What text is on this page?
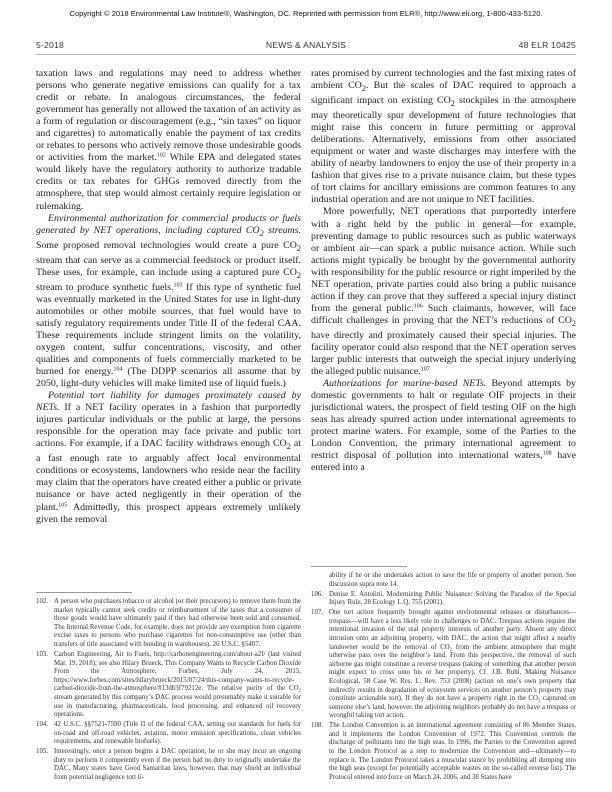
Copyright © 2018 Environmental Law Institute®, Washington, DC. Reprinted with permission from ELR®, http://www.eli.org, 1-800-433-5120.
5-2018	NEWS & ANALYSIS	48 ELR 10425

taxation laws and regulations may need to address whether persons who generate negative emissions can qualify for a tax credit or rebate. In analogous circumstances, the federal government has generally not allowed the taxation of an activity as a form of regulation or discouragement (e.g., “sin taxes” on liquor and cigarettes) to automatically enable the payment of tax credits or rebates to persons who actively remove those undesirable goods or activities from the market.$^{102}$ While EPA and delegated states would likely have the regulatory authority to authorize tradable credits or tax rebates for GHGs removed directly from the atmosphere, that step would almost certainly require legislation or rulemaking.

Environmental authorization for commercial products or fuels generated by NET operations, including captured $CO_2$ streams. Some proposed removal technologies would create a pure $CO_2$ stream that can serve as a commercial feedstock or product itself. These uses, for example, can include using a captured pure $CO_2$ stream to produce synthetic fuels.$^{103}$ If this type of synthetic fuel was eventually marketed in the United States for use in light-duty automobiles or other mobile sources, that fuel would have to satisfy regulatory requirements under Title II of the federal CAA. These requirements include stringent limits on the volatility, oxygen content, sulfur concentrations, viscosity, and other qualities and components of fuels commercially marketed to be burned for energy.$^{104}$ (The DDPP scenarios all assume that by 2050, light-duty vehicles will make limited use of liquid fuels.)

Potential tort liability for damages proximately caused by NETs. If a NET facility operates in a fashion that purportedly injures particular individuals or the public at large, the persons responsible for the operation may face private and public tort actions. For example, if a DAC facility withdraws enough $CO_2$ at a fast enough rate to arguably affect local environmental conditions or ecosystems, landowners who reside near the facility may claim that the operators have created either a public or private nuisance or have acted negligently in their operation of the plant.$^{105}$ Admittedly, this prospect appears extremely unlikely given the removal

rates promised by current technologies and the fast mixing rates of ambient $CO_2$. But the scales of DAC required to approach a significant impact on existing $CO_2$ stockpiles in the atmosphere may theoretically spur development of future technologies that might raise this concern in future permitting or approval deliberations. Alternatively, emissions from other associated equipment or water and waste discharges may interfere with the ability of nearby landowners to enjoy the use of their property in a fashion that gives rise to a private nuisance claim, but these types of tort claims for ancillary emissions are common features to any industrial operation and are not unique to NET facilities.

More powerfully, NET operations that purportedly interfere with a right held by the public in general—for example, preventing damage to public resources such as public waterways or ambient air—can spark a public nuisance action. While such actions might typically be brought by the governmental authority with responsibility for the public resource or right imperiled by the NET operation, private parties could also bring a public nuisance action if they can prove that they suffered a special injury distinct from the general public.$^{106}$ Such claimants, however, will face difficult challenges in proving that the NET’s reductions of $CO_2$ have directly and proximately caused their special injuries. The facility operator could also respond that the NET operation serves larger public interests that outweigh the special injury underlying the alleged public nuisance.$^{107}$

Authorizations for marine-based NETs. Beyond attempts by domestic governments to halt or regulate OIF projects in their jurisdictional waters, the prospect of field testing OIF on the high seas has already spurred action under international agreements to protect marine waters. For example, some of the Parties to the London Convention, the primary international agreement to restrict disposal of pollution into international waters,$^{108}$ have entered into a

102. A person who purchases tobacco or alcohol (or their precursors) to remove them from the market typically cannot seek credits or reimbursement of the taxes that a consumer of those goods would have ultimately paid if they had otherwise been sold and consumed. The Internal Revenue Code, for example, does not provide any exemption from cigarette excise taxes to persons who purchase cigarettes for non-consumptive use (other than transfers of title associated with bonding in warehouses). 26 U.S.C. §5407.
103. Carbon Engineering, Air to Fuels, http://carbonengineering.com/about-a2f/ (last visited Mar. 19, 2018); see also Hilary Brueck, This Company Wants to Recycle Carbon Dioxide From the Atmosphere, Forbes, July 24, 2015, https://www.forbes.com/sites/hilarybrueck/2015/07/24/this-company-wants-to-recycle-carbon-dioxide-from-the-atmosphere/#13db3f79212e. The relative purity of the CO₂ stream generated by this company’s DAC process would presumably make it suitable for use in manufacturing, pharmaceuticals, food processing, and enhanced oil recovery operations.
104. 42 U.S.C. §§7521-7590 (Title II of the federal CAA, setting out standards for fuels for on-road and off-road vehicles, aviation, motor emission specifications, clean vehicles requirements, and renewable biofuels).
105. Interestingly, once a person begins a DAC operation, he or she may incur an ongoing duty to perform it competently even if the person had no duty to originally undertake the DAC. Many states have Good Samaritan laws, however, that may shield an individual from potential negligence tort li-
ability if he or she undertakes action to save the life or property of another person. See discussion supra note 14.
106. Denise E. Antolini, Modernizing Public Nuisance: Solving the Paradox of the Special Injury Rule, 28 Ecology L.Q. 755 (2001).
107. One tort action frequently brought against environmental releases or disturbances—trespass—will have a less likely role in challenges to DAC. Trespass actions require the intentional invasion of the real property interests of another party. Absent any direct intrusion onto an adjoining property, with DAC, the action that might affect a nearby landowner would be the removal of CO₂ from the ambient atmosphere that might otherwise pass over the neighbor’s land. From this perspective, the removal of such airborne gas might constitute a reverse trespass (taking of something that another person might expect to cross onto his or her property). Cf. J.B. Ruhl, Making Nuisance Ecological, 58 Case W. Res. L. Rev. 753 (2008) (action on one’s own property that indirectly results in degradation of ecosystem services on another person’s property may constitute actionable tort). If they do not have a property right in the CO₂ captured on someone else’s land, however, the adjoining neighbors probably do not have a trespass or wrongful taking tort action.
108. The London Convention is an international agreement consisting of 86 Member States, and it implements the London Convention of 1972. This Convention controls the discharge of pollutants into the high seas. In 1996, the Parties to the Convention agreed to the London Protocol as a step to modernize the Convention and—ultimately—to replace it. The London Protocol takes a muscular stance by prohibiting all dumping into the high seas (except for potentially acceptable wastes on the so-called reverse list). The Protocol entered into force on March 24, 2006, and 38 States have
